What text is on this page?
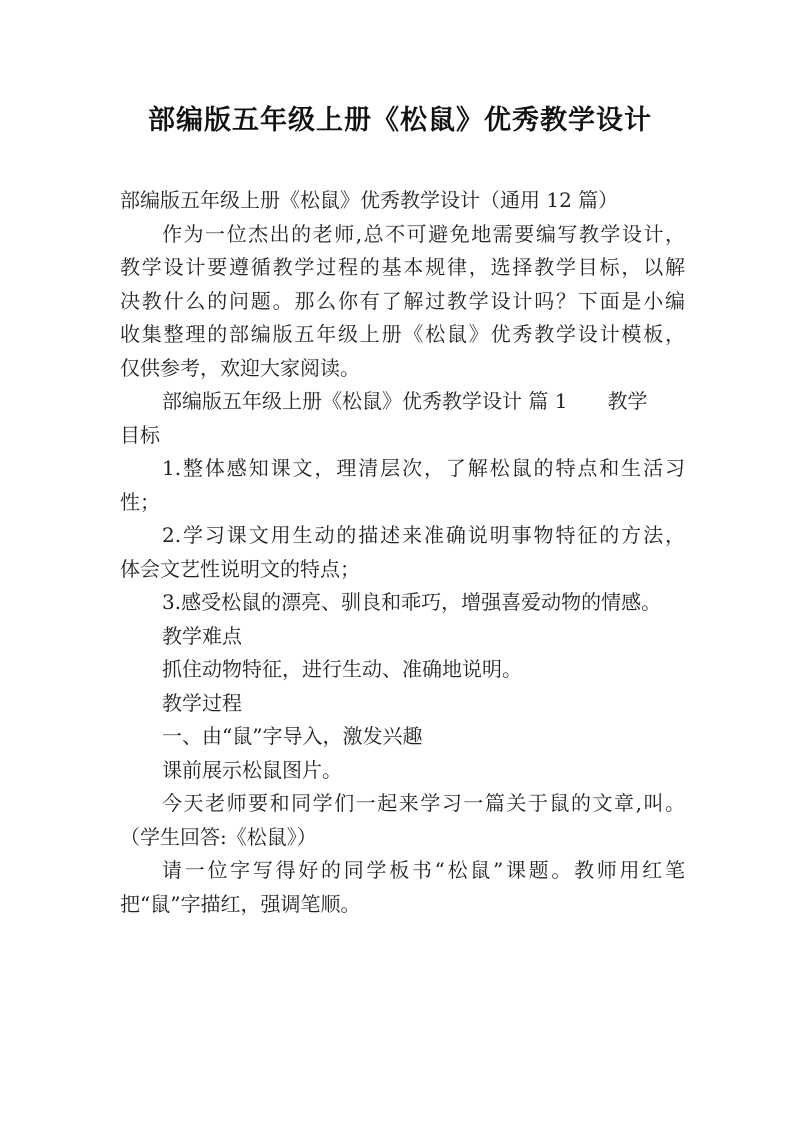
部编版五年级上册《松鼠》优秀教学设计
部编版五年级上册《松鼠》优秀教学设计（通用 12 篇）
作为一位杰出的老师,总不可避免地需要编写教学设计，
教学设计要遵循教学过程的基本规律，选择教学目标，以解
决教什么的问题。那么你有了解过教学设计吗？下面是小编
收集整理的部编版五年级上册《松鼠》优秀教学设计模板，
仅供参考，欢迎大家阅读。
部编版五年级上册《松鼠》优秀教学设计 篇 1 教学
目标
1.整体感知课文，理清层次，了解松鼠的特点和生活习
性；
2.学习课文用生动的描述来准确说明事物特征的方法，
体会文艺性说明文的特点；
3.感受松鼠的漂亮、驯良和乖巧，增强喜爱动物的情感。
教学难点
抓住动物特征，进行生动、准确地说明。
教学过程
一、由“鼠”字导入，激发兴趣
课前展示松鼠图片。
今天老师要和同学们一起来学习一篇关于鼠的文章,叫。
（学生回答:《松鼠》）
请一位字写得好的同学板书“松鼠”课题。教师用红笔
把“鼠”字描红，强调笔顺。
